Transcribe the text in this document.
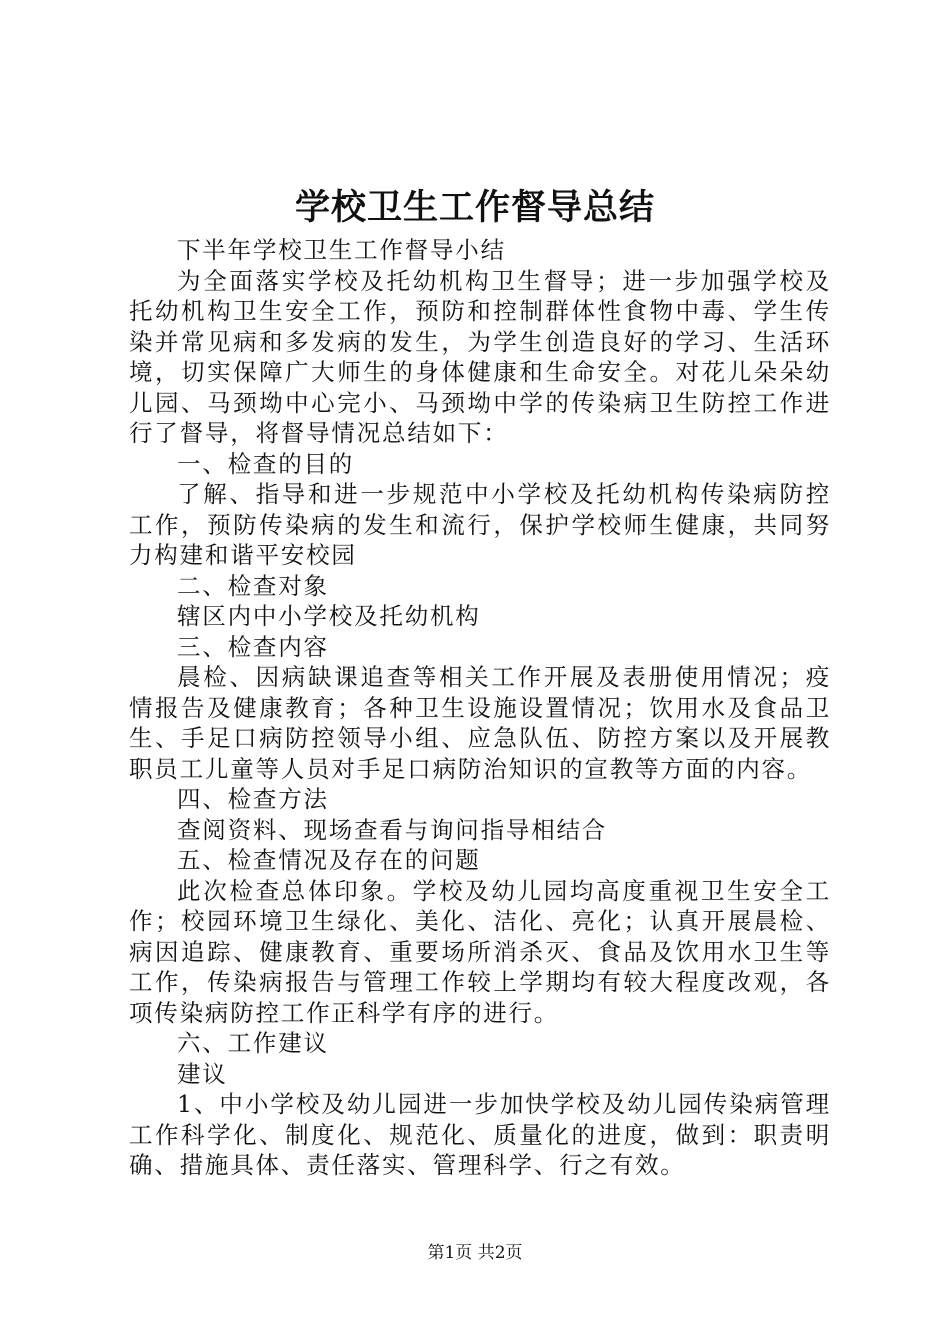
学校卫生工作督导总结

下半年学校卫生工作督导小结

为全面落实学校及托幼机构卫生督导；进一步加强学校及托幼机构卫生安全工作，预防和控制群体性食物中毒、学生传染并常见病和多发病的发生，为学生创造良好的学习、生活环境，切实保障广大师生的身体健康和生命安全。对花儿朵朵幼儿园、马颈坳中心完小、马颈坳中学的传染病卫生防控工作进行了督导，将督导情况总结如下：

一、检查的目的

了解、指导和进一步规范中小学校及托幼机构传染病防控工作，预防传染病的发生和流行，保护学校师生健康，共同努力构建和谐平安校园

二、检查对象

辖区内中小学校及托幼机构

三、检查内容

晨检、因病缺课追查等相关工作开展及表册使用情况；疫情报告及健康教育；各种卫生设施设置情况；饮用水及食品卫生、手足口病防控领导小组、应急队伍、防控方案以及开展教职员工儿童等人员对手足口病防治知识的宣教等方面的内容。

四、检查方法

查阅资料、现场查看与询问指导相结合

五、检查情况及存在的问题

此次检查总体印象。学校及幼儿园均高度重视卫生安全工作；校园环境卫生绿化、美化、洁化、亮化；认真开展晨检、病因追踪、健康教育、重要场所消杀灭、食品及饮用水卫生等工作，传染病报告与管理工作较上学期均有较大程度改观，各项传染病防控工作正科学有序的进行。

六、工作建议

建议

1、中小学校及幼儿园进一步加快学校及幼儿园传染病管理工作科学化、制度化、规范化、质量化的进度，做到：职责明确、措施具体、责任落实、管理科学、行之有效。

第1页 共2页
